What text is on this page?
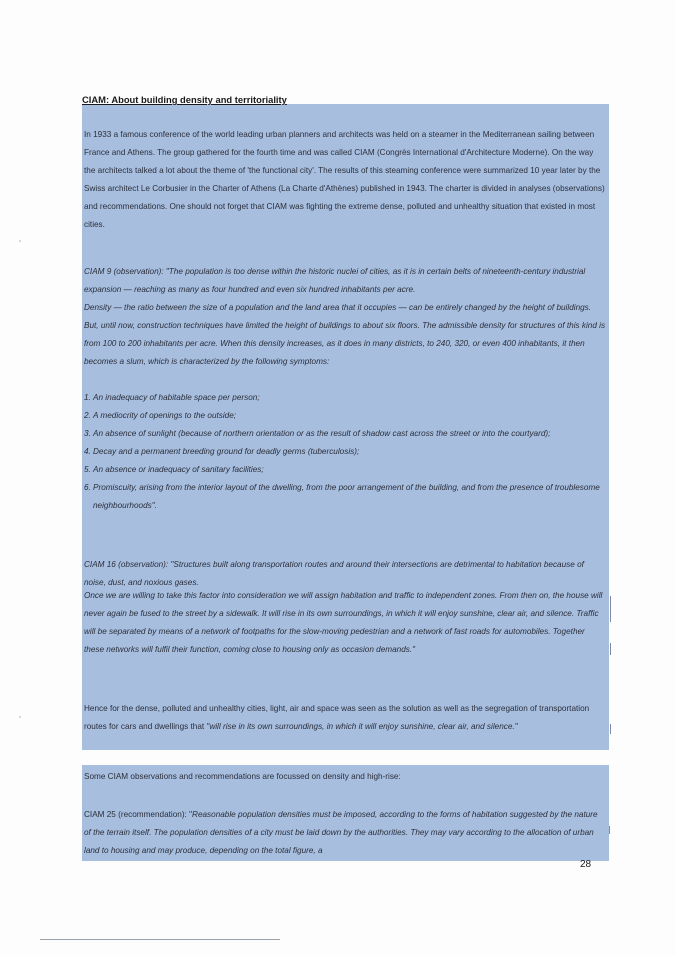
CIAM: About building density and territoriality
In 1933 a famous conference of the world leading urban planners and architects was held on a steamer in the Mediterranean sailing between France and Athens. The group gathered for the fourth time and was called CIAM (Congrès International d'Architecture Moderne). On the way the architects talked a lot about the theme of 'the functional city'. The results of this steaming conference were summarized 10 year later by the Swiss architect Le Corbusier in the Charter of Athens (La Charte d'Athènes) published in 1943. The charter is divided in analyses (observations) and recommendations. One should not forget that CIAM was fighting the extreme dense, polluted and unhealthy situation that existed in most cities.
CIAM 9 (observation): "The population is too dense within the historic nuclei of cities, as it is in certain belts of nineteenth-century industrial expansion — reaching as many as four hundred and even six hundred inhabitants per acre.
Density — the ratio between the size of a population and the land area that it occupies — can be entirely changed by the height of buildings. But, until now, construction techniques have limited the height of buildings to about six floors. The admissible density for structures of this kind is from 100 to 200 inhabitants per acre. When this density increases, as it does in many districts, to 240, 320, or even 400 inhabitants, it then becomes a slum, which is characterized by the following symptoms:
1. An inadequacy of habitable space per person;
2. A mediocrity of openings to the outside;
3. An absence of sunlight (because of northern orientation or as the result of shadow cast across the street or into the courtyard);
4. Decay and a permanent breeding ground for deadly germs (tuberculosis);
5. An absence or inadequacy of sanitary facilities;
6. Promiscuity, arising from the interior layout of the dwelling, from the poor arrangement of the building, and from the presence of troublesome neighbourhoods".
CIAM 16 (observation): "Structures built along transportation routes and around their intersections are detrimental to habitation because of noise, dust, and noxious gases.
Once we are willing to take this factor into consideration we will assign habitation and traffic to independent zones. From then on, the house will never again be fused to the street by a sidewalk. It will rise in its own surroundings, in which it will enjoy sunshine, clear air, and silence. Traffic will be separated by means of a network of footpaths for the slow-moving pedestrian and a network of fast roads for automobiles. Together these networks will fulfil their function, coming close to housing only as occasion demands."
Hence for the dense, polluted and unhealthy cities, light, air and space was seen as the solution as well as the segregation of transportation routes for cars and dwellings that "will rise in its own surroundings, in which it will enjoy sunshine, clear air, and silence."
Some CIAM observations and recommendations are focussed on density and high-rise:
CIAM 25 (recommendation): "Reasonable population densities must be imposed, according to the forms of habitation suggested by the nature of the terrain itself. The population densities of a city must be laid down by the authorities. They may vary according to the allocation of urban land to housing and may produce, depending on the total figure, a
28
